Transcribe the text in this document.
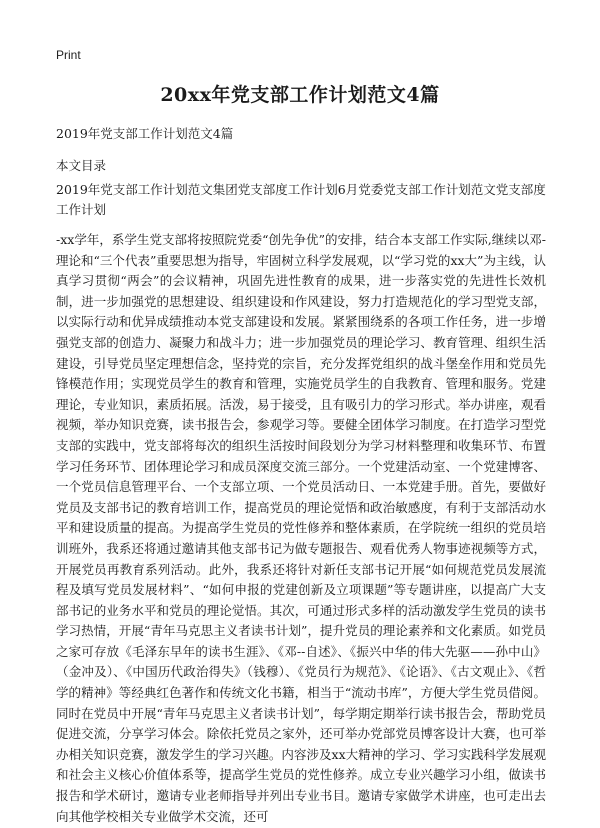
Print
20xx年党支部工作计划范文4篇
2019年党支部工作计划范文4篇
本文目录
2019年党支部工作计划范文集团党支部度工作计划6月党委党支部工作计划范文党支部度工作计划
-xx学年，系学生党支部将按照院党委“创先争优”的安排，结合本支部工作实际,继续以邓-理论和“三个代表”重要思想为指导，牢固树立科学发展观，以“学习党的xx大”为主线，认真学习贯彻“两会”的会议精神，巩固先进性教育的成果，进一步落实党的先进性长效机制，进一步加强党的思想建设、组织建设和作风建设，努力打造规范化的学习型党支部，以实际行动和优异成绩推动本党支部建设和发展。紧紧围绕系的各项工作任务，进一步增强党支部的创造力、凝聚力和战斗力；进一步加强党员的理论学习、教育管理、组织生活建设，引导党员坚定理想信念，坚持党的宗旨，充分发挥党组织的战斗堡垒作用和党员先锋模范作用；实现党员学生的教育和管理，实施党员学生的自我教育、管理和服务。党建理论，专业知识，素质拓展。活泼，易于接受，且有吸引力的学习形式。举办讲座，观看视频，举办知识竞赛，读书报告会，参观学习等。要健全团体学习制度。在打造学习型党支部的实践中，党支部将每次的组织生活按时间段划分为学习材料整理和收集环节、布置学习任务环节、团体理论学习和成员深度交流三部分。一个党建活动室、一个党建博客、一个党员信息管理平台、一个支部立项、一个党员活动日、一本党建手册。首先，要做好党员及支部书记的教育培训工作，提高党员的理论觉悟和政治敏感度，有利于支部活动水平和建设质量的提高。为提高学生党员的党性修养和整体素质，在学院统一组织的党员培训班外，我系还将通过邀请其他支部书记为做专题报告、观看优秀人物事迹视频等方式，开展党员再教育系列活动。此外，我系还将针对新任支部书记开展“如何规范党员发展流程及填写党员发展材料”、“如何申报的党建创新及立项课题”等专题讲座，以提高广大支部书记的业务水平和党员的理论觉悟。其次，可通过形式多样的活动激发学生党员的读书学习热情，开展“青年马克思主义者读书计划”，提升党员的理论素养和文化素质。如党员之家可存放《毛泽东早年的读书生涯》、《邓--自述》、《振兴中华的伟大先驱——孙中山》（金冲及）、《中国历代政治得失》（钱穆）、《党员行为规范》、《论语》、《古文观止》、《哲学的精神》等经典红色著作和传统文化书籍，相当于“流动书库”，方便大学生党员借阅。同时在党员中开展“青年马克思主义者读书计划”，每学期定期举行读书报告会，帮助党员促进交流，分享学习体会。除依托党员之家外，还可举办党部党员博客设计大赛，也可举办相关知识竞赛，激发学生的学习兴趣。内容涉及xx大精神的学习、学习实践科学发展观和社会主义核心价值体系等，提高学生党员的党性修养。成立专业兴趣学习小组，做读书报告和学术研讨，邀请专业老师指导并列出专业书目。邀请专家做学术讲座，也可走出去向其他学校相关专业做学术交流，还可
